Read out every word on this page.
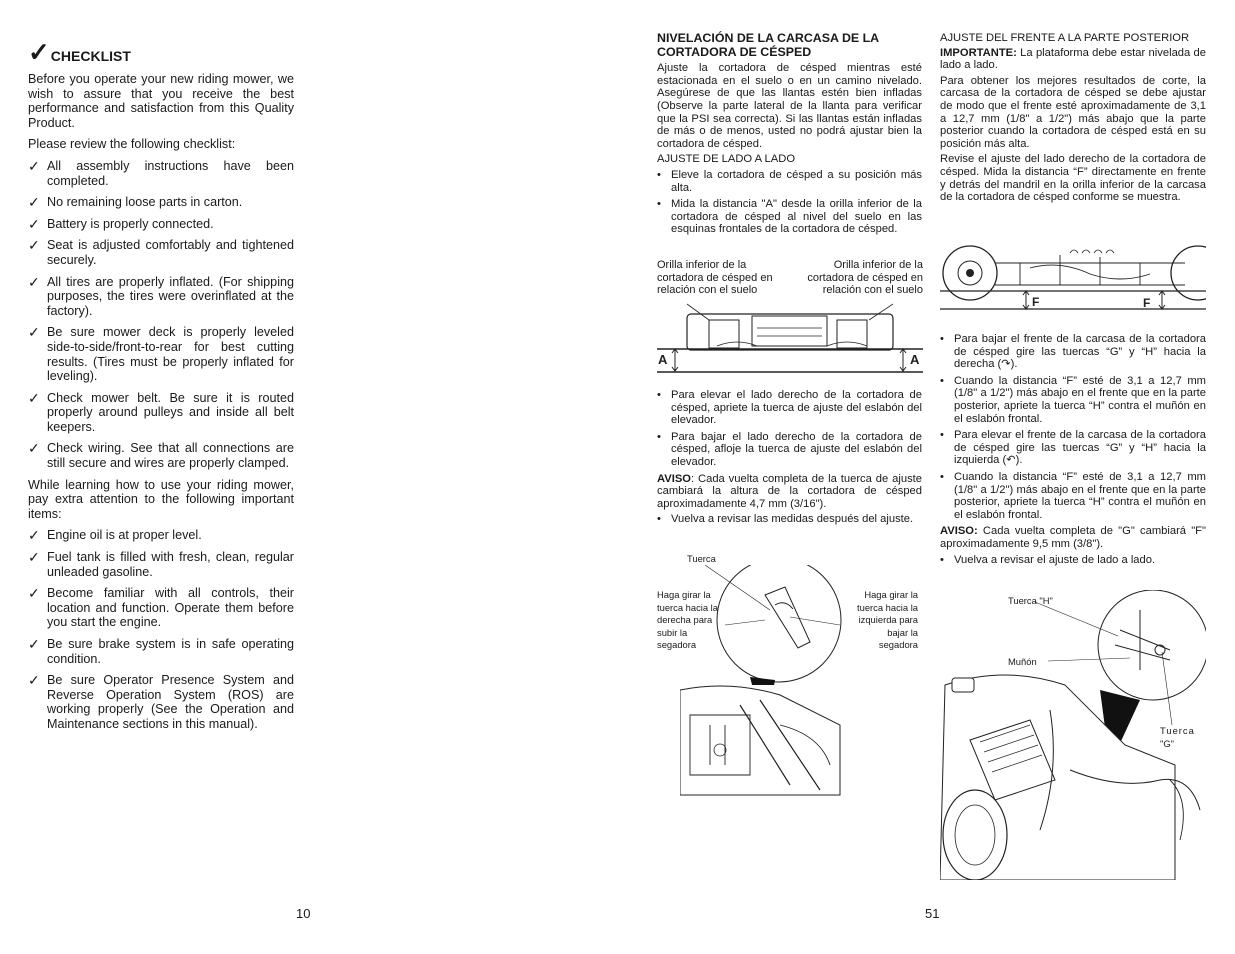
✓ CHECKLIST

Before you operate your new riding mower, we wish to assure that you receive the best performance and satisfaction from this Quality Product.

Please review the following checklist:

✓ All assembly instructions have been completed.
✓ No remaining loose parts in carton.
✓ Battery is properly connected.
✓ Seat is adjusted comfortably and tightened securely.
✓ All tires are properly inflated. (For shipping purposes, the tires were overinflated at the factory).
✓ Be sure mower deck is properly leveled side-to-side/front-to-rear for best cutting results. (Tires must be properly inflated for leveling).
✓ Check mower belt. Be sure it is routed properly around pulleys and inside all belt keepers.
✓ Check wiring. See that all connections are still secure and wires are properly clamped.

While learning how to use your riding mower, pay extra attention to the following important items:

✓ Engine oil is at proper level.
✓ Fuel tank is filled with fresh, clean, regular unleaded gasoline.
✓ Become familiar with all controls, their location and function. Operate them before you start the engine.
✓ Be sure brake system is in safe operating condition.
✓ Be sure Operator Presence System and Reverse Operation System (ROS) are working properly (See the Operation and Maintenance sections in this manual).
10
NIVELACIÓN DE LA CARCASA DE LA CORTADORA DE CÉSPED

Ajuste la cortadora de césped mientras esté estacionada en el suelo o en un camino nivelado. Asegúrese de que las llantas estén bien infladas (Observe la parte lateral de la llanta para verificar que la PSI sea correcta). Si las llantas están infladas de más o de menos, usted no podrá ajustar bien la cortadora de césped.

AJUSTE DE LADO A LADO
• Eleve la cortadora de césped a su posición más alta.
• Mida la distancia "A" desde la orilla inferior de la cortadora de césped al nivel del suelo en las esquinas frontales de la cortadora de césped.
Orilla inferior de la cortadora de césped en relación con el suelo
Orilla inferior de la cortadora de césped en relación con el suelo
A	A
• Para elevar el lado derecho de la cortadora de césped, apriete la tuerca de ajuste del eslabón del elevador.
• Para bajar el lado derecho de la cortadora de césped, afloje la tuerca de ajuste del eslabón del elevador.

AVISO: Cada vuelta completa de la tuerca de ajuste cambiará la altura de la cortadora de césped aproximadamente 4,7 mm (3/16").

• Vuelva a revisar las medidas después del ajuste.
Tuerca
Haga girar la tuerca hacia la derecha para subir la segadora
Haga girar la tuerca hacia la izquierda para bajar la segadora
51
AJUSTE DEL FRENTE A LA PARTE POSTERIOR

IMPORTANTE: La plataforma debe estar nivelada de lado a lado.

Para obtener los mejores resultados de corte, la carcasa de la cortadora de césped se debe ajustar de modo que el frente esté aproximadamente de 3,1 a 12,7 mm (1/8" a 1/2") más abajo que la parte posterior cuando la cortadora de césped está en su posición más alta.

Revise el ajuste del lado derecho de la cortadora de césped. Mida la distancia “F” directamente en frente y detrás del mandril en la orilla inferior de la carcasa de la cortadora de césped conforme se muestra.

F	F
• Para bajar el frente de la carcasa de la cortadora de césped gire las tuercas “G” y “H” hacia la derecha (↷).
• Cuando la distancia “F” esté de 3,1 a 12,7 mm (1/8" a 1/2") más abajo en el frente que en la parte posterior, apriete la tuerca “H” contra el muñón en el eslabón frontal.
• Para elevar el frente de la carcasa de la cortadora de césped gire las tuercas “G” y “H” hacia la izquierda (↶).
• Cuando la distancia “F” esté de 3,1 a 12,7 mm (1/8" a 1/2") más abajo en el frente que en la parte posterior, apriete la tuerca “H” contra el muñón en el eslabón frontal.

AVISO: Cada vuelta completa de "G" cambiará "F" aproximadamente 9,5 mm (3/8").

• Vuelva a revisar el ajuste de lado a lado.
Tuerca "H"
Muñón
Tuerca
"G"
